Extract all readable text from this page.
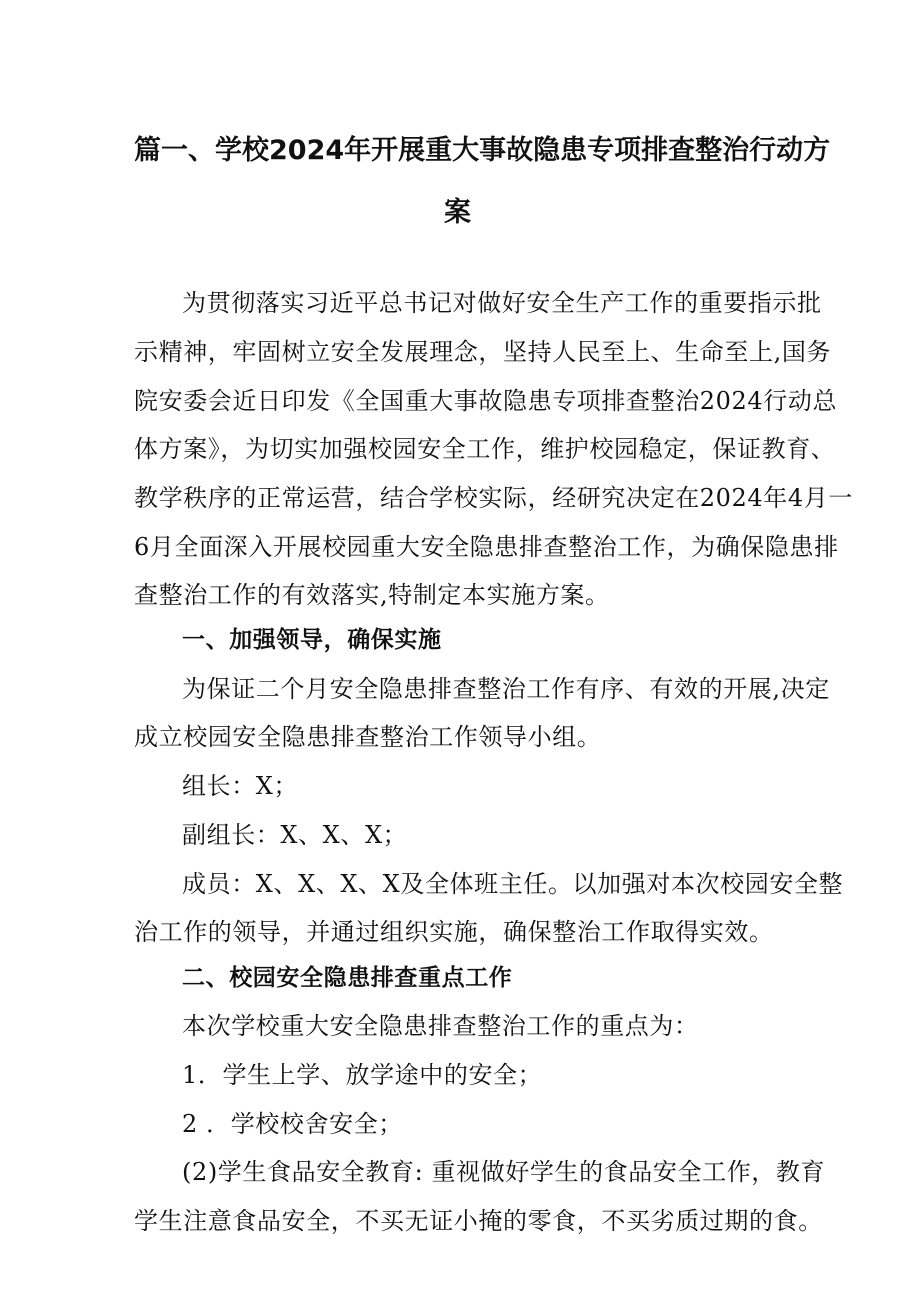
篇一、学校2024年开展重大事故隐患专项排查整治行动方
案
为贯彻落实习近平总书记对做好安全生产工作的重要指示批
示精神，牢固树立安全发展理念，坚持人民至上、生命至上,国务
院安委会近日印发《全国重大事故隐患专项排查整治2024行动总
体方案》，为切实加强校园安全工作，维护校园稳定，保证教育、
教学秩序的正常运营，结合学校实际，经研究决定在2024年4月一
6月全面深入开展校园重大安全隐患排查整治工作，为确保隐患排
查整治工作的有效落实,特制定本实施方案。
一、加强领导，确保实施
为保证二个月安全隐患排查整治工作有序、有效的开展,决定
成立校园安全隐患排查整治工作领导小组。
组长：X；
副组长：X、X、X；
成员：X、X、X、X及全体班主任。以加强对本次校园安全整
治工作的领导，并通过组织实施，确保整治工作取得实效。
二、校园安全隐患排查重点工作
本次学校重大安全隐患排查整治工作的重点为：
1．学生上学、放学途中的安全；
2 ．学校校舍安全；
(2)学生食品安全教育: 重视做好学生的食品安全工作，教育
学生注意食品安全，不买无证小掩的零食，不买劣质过期的食。
